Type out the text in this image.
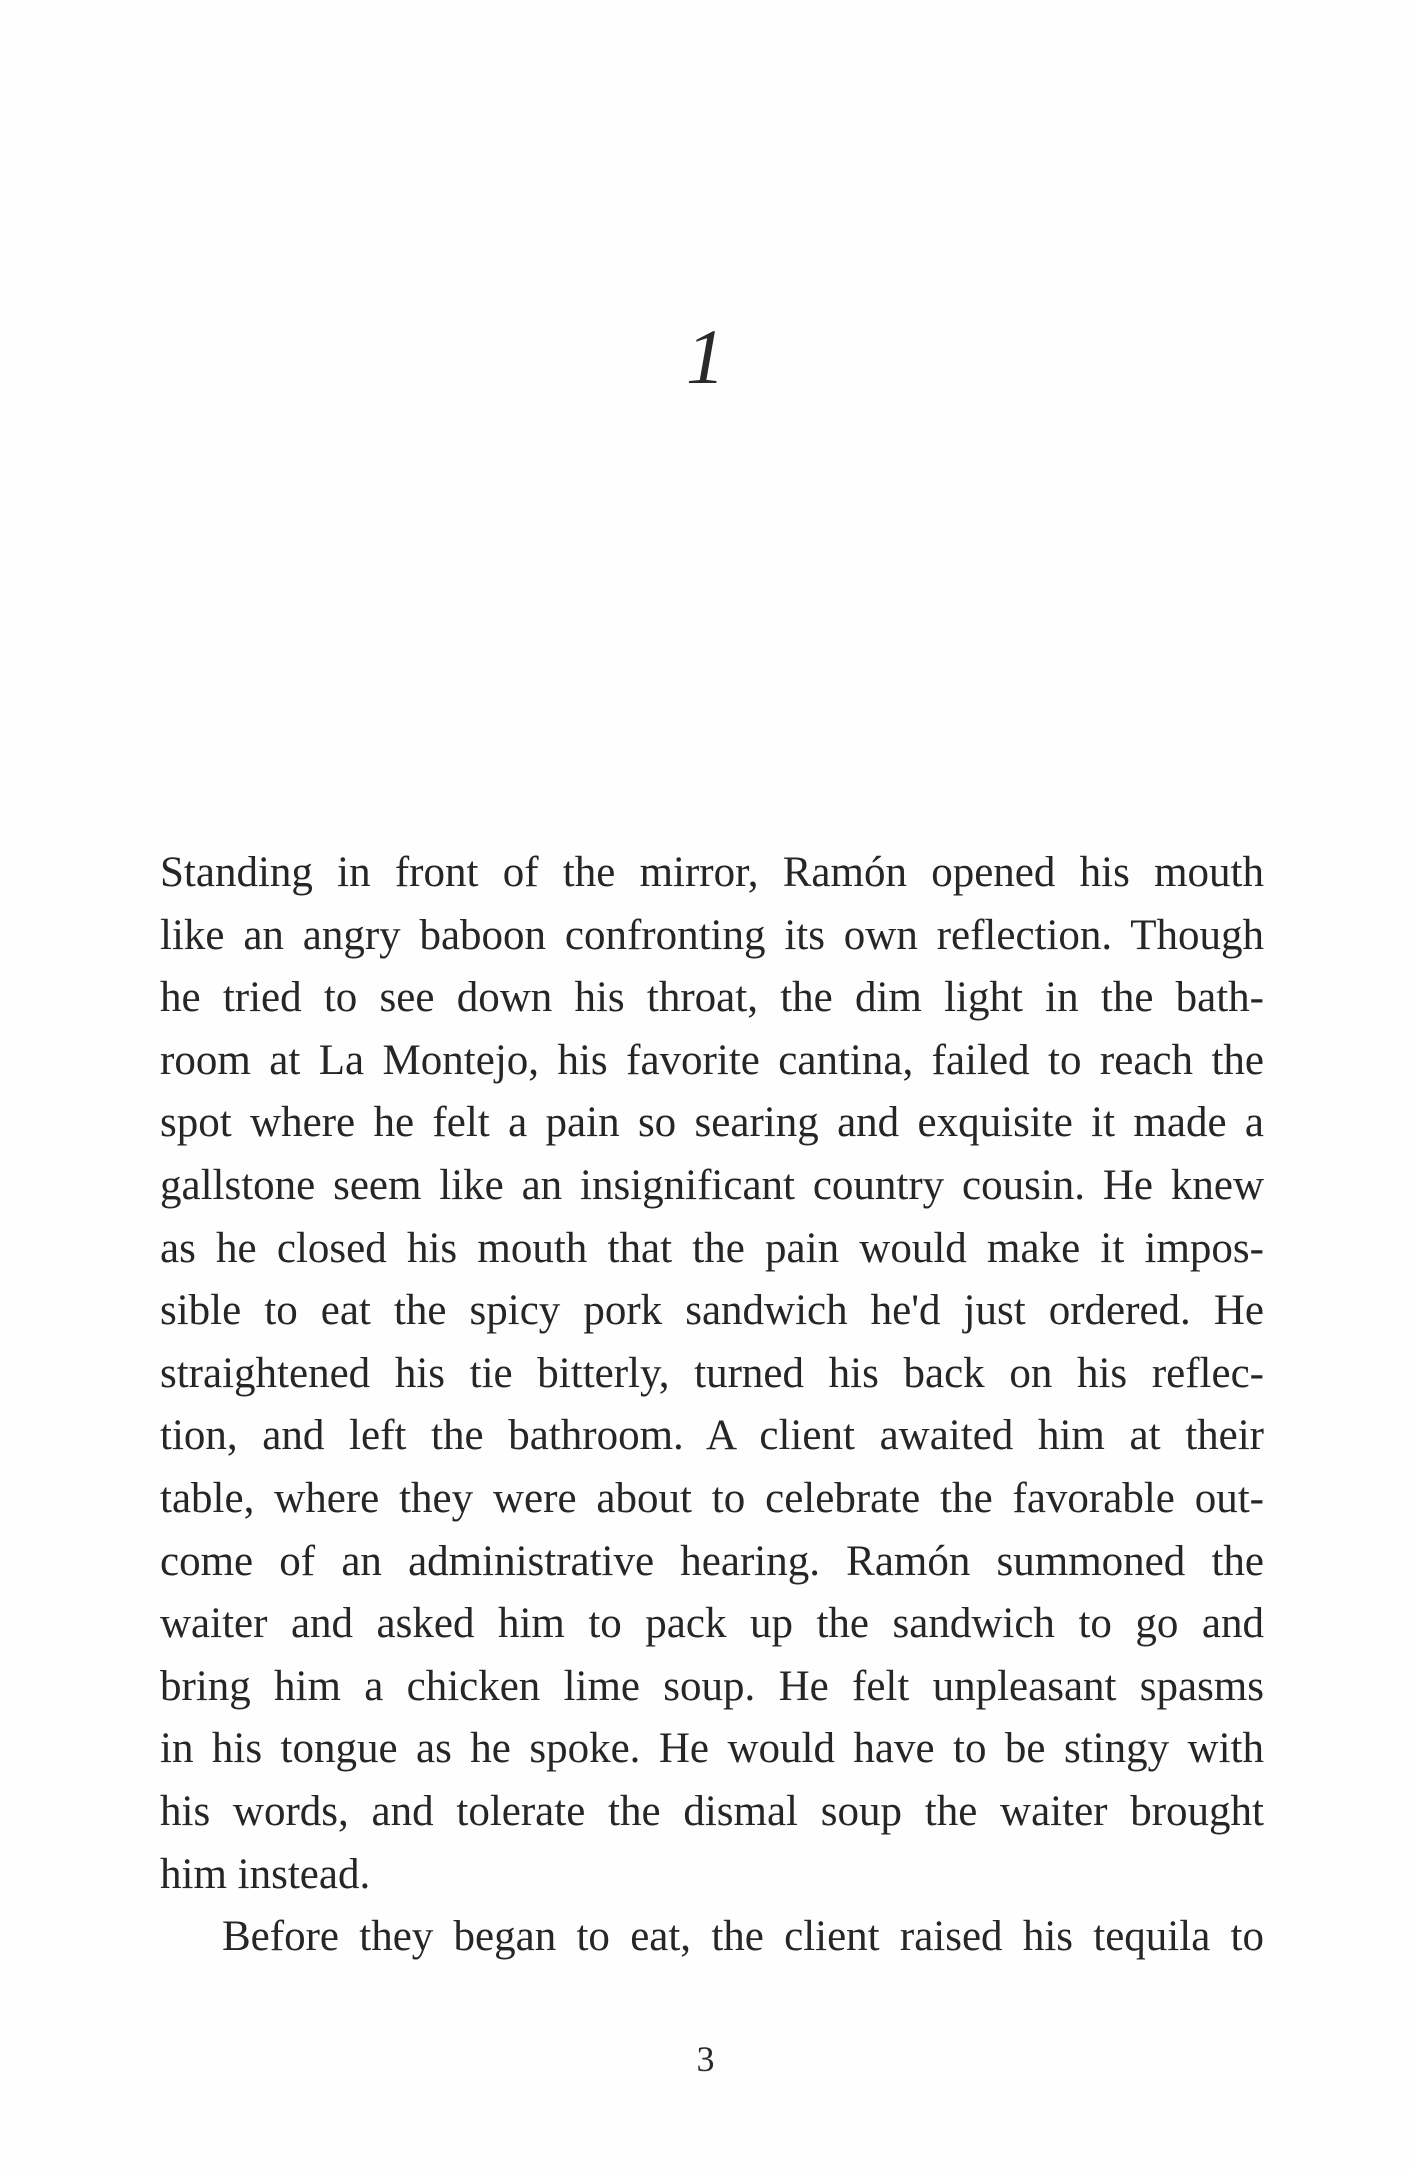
1
Standing in front of the mirror, Ramón opened his mouth
like an angry baboon confronting its own reflection. Though
he tried to see down his throat, the dim light in the bath-
room at La Montejo, his favorite cantina, failed to reach the
spot where he felt a pain so searing and exquisite it made a
gallstone seem like an insignificant country cousin. He knew
as he closed his mouth that the pain would make it impos-
sible to eat the spicy pork sandwich he'd just ordered. He
straightened his tie bitterly, turned his back on his reflec-
tion, and left the bathroom. A client awaited him at their
table, where they were about to celebrate the favorable out-
come of an administrative hearing. Ramón summoned the
waiter and asked him to pack up the sandwich to go and
bring him a chicken lime soup. He felt unpleasant spasms
in his tongue as he spoke. He would have to be stingy with
his words, and tolerate the dismal soup the waiter brought
him instead.
Before they began to eat, the client raised his tequila to
3
